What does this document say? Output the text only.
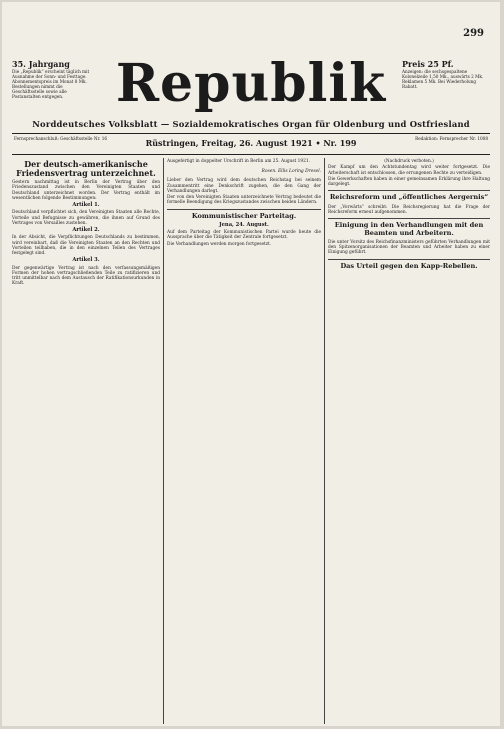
299
35. Jahrgang

Die „Republik“ erscheint täglich mit Ausnahme der Sonn- und Festtage. Abonnementspreis im Monat 8 Mk. Bestellungen nimmt die Geschäftsstelle sowie alle Postanstalten entgegen.	Republik	Preis 25 Pf.

Anzeigen: die sechsgespaltene Kolonelzeile 1,50 Mk., auswärts 2 Mk. Reklamen 5 Mk. Bei Wiederholung Rabatt.

Norddeutsches Volksblatt — Sozialdemokratisches Organ für Oldenburg und Ostfriesland
Fernsprechanschluß: Geschäftsstelle Nr. 16	Rüstringen, Freitag, 26. August 1921 • Nr. 199	Redaktion: Fernsprecher Nr. 1008
Der deutsch-amerikanische Friedensvertrag unterzeichnet.

Gestern nachmittag ist in Berlin der Vertrag über den Friedenszustand zwischen den Vereinigten Staaten und Deutschland unterzeichnet worden. Der Vertrag enthält im wesentlichen folgende Bestimmungen:

Artikel 1.

Deutschland verpflichtet sich, den Vereinigten Staaten alle Rechte, Vorteile und Befugnisse zu gewähren, die ihnen auf Grund des Vertrages von Versailles zustehen.

Artikel 2.

In der Absicht, die Verpflichtungen Deutschlands zu bestimmen, wird vereinbart, daß die Vereinigten Staaten an den Rechten und Vorteilen teilhaben, die in den einzelnen Teilen des Vertrages festgelegt sind.

Artikel 3.

Der gegenwärtige Vertrag ist nach den verfassungsmäßigen Formen der hohen vertragschließenden Teile zu ratifizieren und tritt unmittelbar nach dem Austausch der Ratifikationsurkunden in Kraft.

Ausgefertigt in doppelter Urschrift in Berlin am 25. August 1921.

Rosen. Ellis Loring Dresel.

Lieber den Vertrag wird dem deutschen Reichstag bei seinem Zusammentritt eine Denkschrift zugehen, die den Gang der Verhandlungen darlegt.

Der von den Vereinigten Staaten unterzeichnete Vertrag bedeutet die formelle Beendigung des Kriegszustandes zwischen beiden Ländern.

Kommunistischer Parteitag.
Jena, 24. August.

Auf dem Parteitag der Kommunistischen Partei wurde heute die Aussprache über die Tätigkeit der Zentrale fortgesetzt.

Die Verhandlungen werden morgen fortgesetzt.

(Nachdruck verboten.)

Der Kampf um den Achtstundentag wird weiter fortgesetzt. Die Arbeiterschaft ist entschlossen, die errungenen Rechte zu verteidigen.

Die Gewerkschaften haben in einer gemeinsamen Erklärung ihre Haltung dargelegt.

Reichsreform und „öffentliches Aergernis“

Der „Vorwärts“ schreibt: Die Reichsregierung hat die Frage der Reichsreform erneut aufgenommen.

Einigung in den Verhandlungen mit den Beamten und Arbeitern.

Die unter Vorsitz des Reichsfinanzministers geführten Verhandlungen mit den Spitzenorganisationen der Beamten und Arbeiter haben zu einer Einigung geführt.

Das Urteil gegen den Kapp-Rebellen.
